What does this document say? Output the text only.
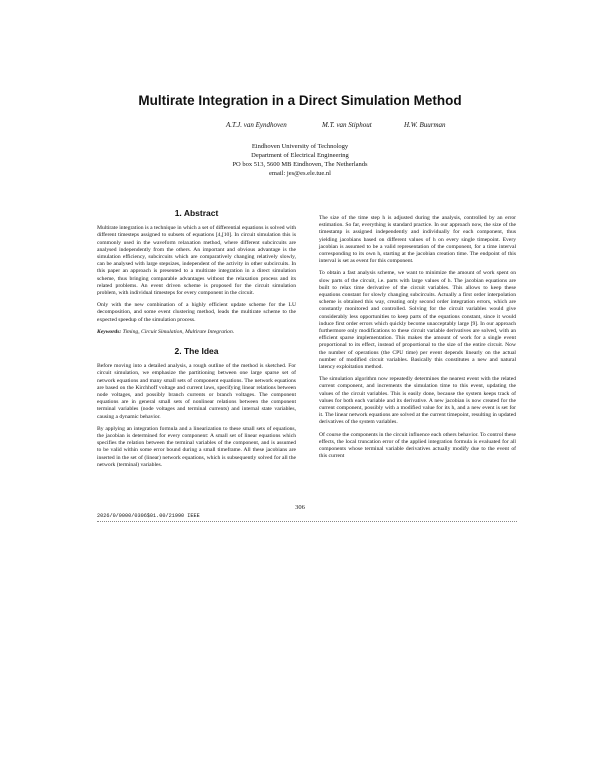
Multirate Integration in a Direct Simulation Method
A.T.J. van Eyndhoven	M.T. van Stiphout	H.W. Buurman
Eindhoven University of Technology
Department of Electrical Engineering
PO box 513, 5600 MB Eindhoven, The Netherlands
email: jes@es.ele.tue.nl
1. Abstract

Multirate integration is a technique in which a set of differential equations is solved with different timesteps assigned to subsets of equations [4,[10]. In circuit simulation this is commonly used in the waveform relaxation method, where different subcircuits are analysed independently from the others. An important and obvious advantage is the simulation efficiency, subcircuits which are comparatively changing relatively slowly, can be analysed with large stepsizes, independent of the activity in other subcircuits. In this paper an approach is presented to a multirate integration in a direct simulation scheme, thus bringing comparable advantages without the relaxation process and its related problems. An event driven scheme is proposed for the circuit simulation problem, with individual timesteps for every component in the circuit.

Only with the new combination of a highly efficient update scheme for the LU decomposition, and some event clustering method, leads the multirate scheme to the expected speedup of the simulation process.

Keywords: Timing, Circuit Simulation, Multirate Integration.
2. The Idea

Before moving into a detailed analysis, a rough outline of the method is sketched. For circuit simulation, we emphasize the partitioning between one large sparse set of network equations and many small sets of component equations. The network equations are based on the Kirchhoff voltage and current laws, specifying linear relations between node voltages, and possibly branch currents or branch voltages. The component equations are in general small sets of nonlinear relations between the component terminal variables (node voltages and terminal currents) and internal state variables, causing a dynamic behavior.

By applying an integration formula and a linearization to these small sets of equations, the jacobian is determined for every component: A small set of linear equations which specifies the relation between the terminal variables of the component, and is assumed to be valid within some error bound during a small timeframe. All these jacobians are inserted in the set of (linear) network equations, which is subsequently solved for all the network (terminal) variables.

The size of the time step h is adjusted during the analysis, controlled by an error estimation. So far, everything is standard practice. In our approach now, the size of the timestamp is assigned independently and individually for each component, thus yielding jacobians based on different values of h on every single timepoint. Every jacobian is assumed to be a valid representation of the component, for a time interval corresponding to its own h, starting at the jacobian creation time. The endpoint of this interval is set as event for this component.

To obtain a fast analysis scheme, we want to minimize the amount of work spent on slow parts of the circuit, i.e. parts with large values of h. The jacobian equations are built to relax time derivative of the circuit variables. This allows to keep these equations constant for slowly changing subcircuits. Actually a first order interpolation scheme is obtained this way, creating only second order integration errors, which are constantly monitored and controlled. Solving for the circuit variables would give considerably less opportunities to keep parts of the equations constant, since it would induce first order errors which quickly become unacceptably large [9]. In our approach furthermore only modifications to these circuit variable derivatives are solved, with an efficient sparse implementation. This makes the amount of work for a single event proportional to its effect, instead of proportional to the size of the entire circuit. Now the number of operations (the CPU time) per event depends linearly on the actual number of modified circuit variables. Basically this constitutes a new and natural latency exploitation method.

The simulation algorithm now repeatedly determines the nearest event with the related current component, and increments the simulation time to this event, updating the values of the circuit variables. This is easily done, because the system keeps track of values for both each variable and its derivative. A new jacobian is now created for the current component, possibly with a modified value for its h, and a new event is set for it. The linear network equations are solved at the current timepoint, resulting in updated derivatives of the system variables.

Of course the components in the circuit influence each others behavior. To control these effects, the local truncation error of the applied integration formula is evaluated for all components whose terminal variable derivatives actually modify due to the event of this current

306
2026/0/0000/0306$01.00/21990 IEEE
